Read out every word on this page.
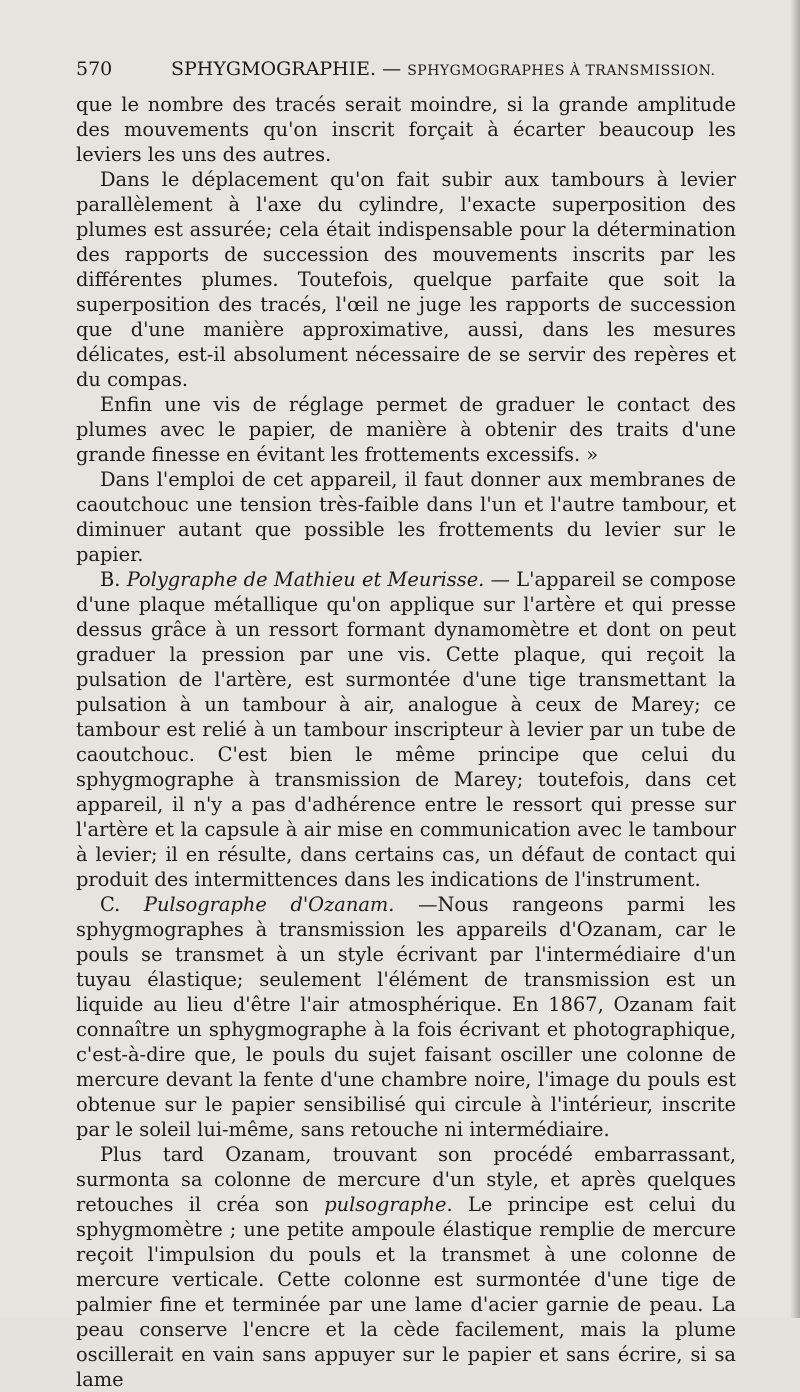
570	SPHYGMOGRAPHIE. — SPHYGMOGRAPHES À TRANSMISSION.

que le nombre des tracés serait moindre, si la grande amplitude des mouvements qu'on inscrit forçait à écarter beaucoup les leviers les uns des autres.

Dans le déplacement qu'on fait subir aux tambours à levier parallèlement à l'axe du cylindre, l'exacte superposition des plumes est assurée; cela était indispensable pour la détermination des rapports de succession des mouvements inscrits par les différentes plumes. Toutefois, quelque parfaite que soit la superposition des tracés, l'œil ne juge les rapports de succession que d'une manière approximative, aussi, dans les mesures délicates, est-il absolument nécessaire de se servir des repères et du compas.

Enfin une vis de réglage permet de graduer le contact des plumes avec le papier, de manière à obtenir des traits d'une grande finesse en évitant les frottements excessifs. »

Dans l'emploi de cet appareil, il faut donner aux membranes de caoutchouc une tension très-faible dans l'un et l'autre tambour, et diminuer autant que possible les frottements du levier sur le papier.

B. Polygraphe de Mathieu et Meurisse. — L'appareil se compose d'une plaque métallique qu'on applique sur l'artère et qui presse dessus grâce à un ressort formant dynamomètre et dont on peut graduer la pression par une vis. Cette plaque, qui reçoit la pulsation de l'artère, est surmontée d'une tige transmettant la pulsation à un tambour à air, analogue à ceux de Marey; ce tambour est relié à un tambour inscripteur à levier par un tube de caoutchouc. C'est bien le même principe que celui du sphygmographe à transmission de Marey; toutefois, dans cet appareil, il n'y a pas d'adhérence entre le ressort qui presse sur l'artère et la capsule à air mise en communication avec le tambour à levier; il en résulte, dans certains cas, un défaut de contact qui produit des intermittences dans les indications de l'instrument.

C. Pulsographe d'Ozanam. —Nous rangeons parmi les sphygmographes à transmission les appareils d'Ozanam, car le pouls se transmet à un style écrivant par l'intermédiaire d'un tuyau élastique; seulement l'élément de transmission est un liquide au lieu d'être l'air atmosphérique. En 1867, Ozanam fait connaître un sphygmographe à la fois écrivant et photographique, c'est-à-dire que, le pouls du sujet faisant osciller une colonne de mercure devant la fente d'une chambre noire, l'image du pouls est obtenue sur le papier sensibilisé qui circule à l'intérieur, inscrite par le soleil lui-même, sans retouche ni intermédiaire.

Plus tard Ozanam, trouvant son procédé embarrassant, surmonta sa colonne de mercure d'un style, et après quelques retouches il créa son pulsographe. Le principe est celui du sphygmomètre ; une petite ampoule élastique remplie de mercure reçoit l'impulsion du pouls et la transmet à une colonne de mercure verticale. Cette colonne est surmontée d'une tige de palmier fine et terminée par une lame d'acier garnie de peau. La peau conserve l'encre et la cède facilement, mais la plume oscillerait en vain sans appuyer sur le papier et sans écrire, si sa lame
